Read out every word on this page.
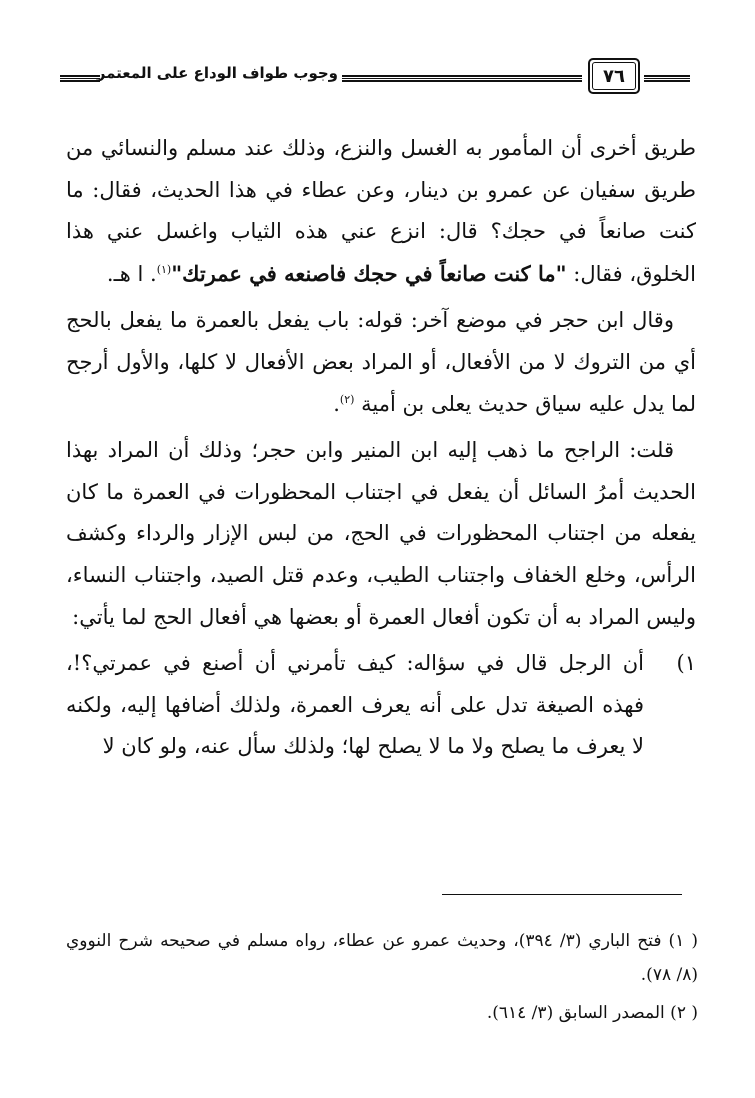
وجوب طواف الوداع على المعتمر	٧٦

طريق أخرى أن المأمور به الغسل والنزع، وذلك عند مسلم والنسائي من طريق سفيان عن عمرو بن دينار، وعن عطاء في هذا الحديث، فقال: ما كنت صانعاً في حجك؟ قال: انزع عني هذه الثياب واغسل عني هذا الخلوق، فقال: "ما كنت صانعاً في حجك فاصنعه في عمرتك"$^{(١)}$. ا هـ.

وقال ابن حجر في موضع آخر: قوله: باب يفعل بالعمرة ما يفعل بالحج أي من التروك لا من الأفعال، أو المراد بعض الأفعال لا كلها، والأول أرجح لما يدل عليه سياق حديث يعلى بن أمية $^{(٢)}$.

قلت: الراجح ما ذهب إليه ابن المنير وابن حجر؛ وذلك أن المراد بهذا الحديث أمرُ السائل أن يفعل في اجتناب المحظورات في العمرة ما كان يفعله من اجتناب المحظورات في الحج، من لبس الإزار والرداء وكشف الرأس، وخلع الخفاف واجتناب الطيب، وعدم قتل الصيد، واجتناب النساء، وليس المراد به أن تكون أفعال العمرة أو بعضها هي أفعال الحج لما يأتي:

١)
أن الرجل قال في سؤاله: كيف تأمرني أن أصنع في عمرتي؟!، فهذه الصيغة تدل على أنه يعرف العمرة، ولذلك أضافها إليه، ولكنه لا يعرف ما يصلح ولا ما لا يصلح لها؛ ولذلك سأل عنه، ولو كان لا

( ١) فتح الباري (٣/ ٣٩٤)، وحديث عمرو عن عطاء، رواه مسلم في صحيحه شرح النووي (٨/ ٧٨).

( ٢) المصدر السابق (٣/ ٦١٤).
